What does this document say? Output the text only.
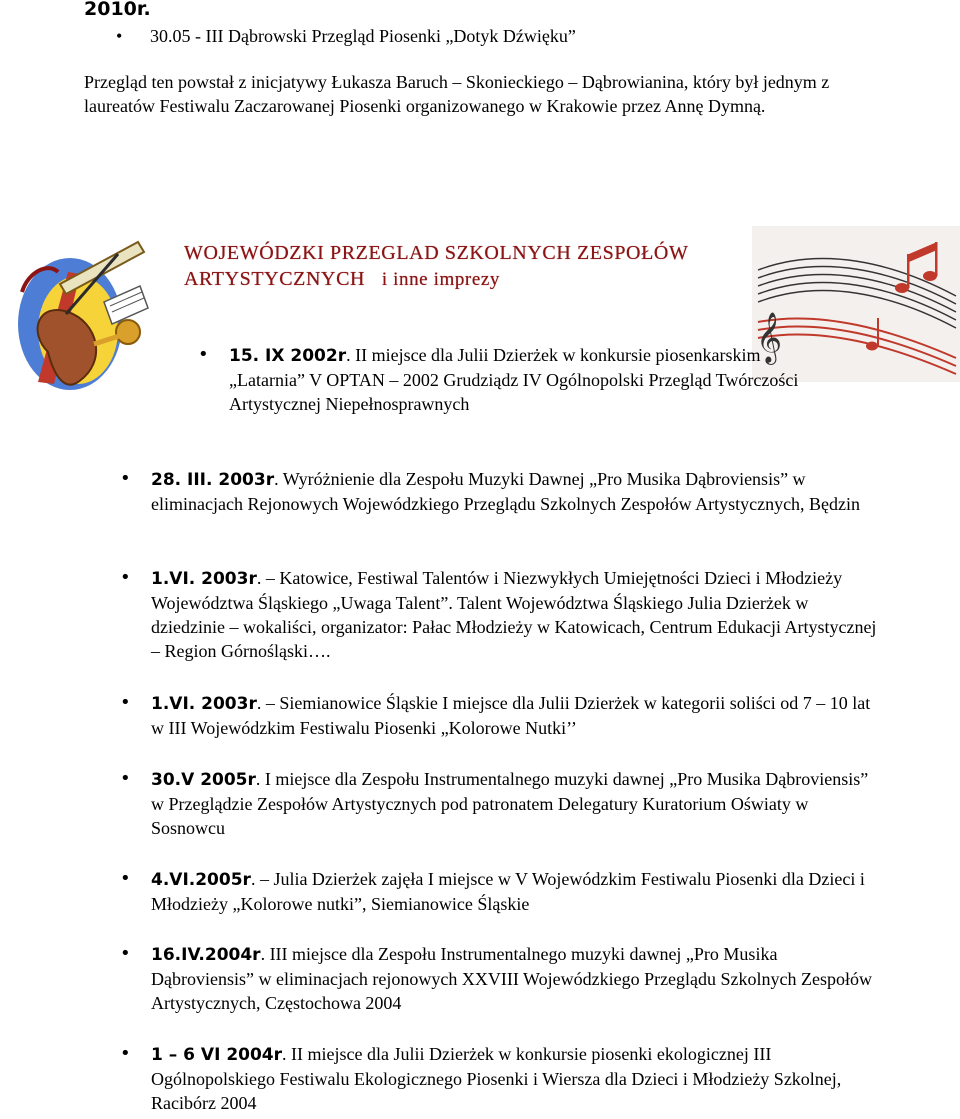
2010r.
• 30.05 - III Dąbrowski Przegląd Piosenki „Dotyk Dźwięku”
Przegląd ten powstał z inicjatywy Łukasza Baruch – Skonieckiego – Dąbrowianina, który był jednym z laureatów Festiwalu Zaczarowanej Piosenki organizowanego w Krakowie przez Annę Dymną.
𝄞
WOJEWÓDZKI PRZEGLAD SZKOLNYCH ZESPOŁÓW
ARTYSTYCZNYCH i inne imprezy
• 15. IX 2002r. II miejsce dla Julii Dzierżek w konkursie piosenkarskim „Latarnia” V OPTAN – 2002 Grudziądz IV Ogólnopolski Przegląd Twórczości Artystycznej Niepełnosprawnych
• 28. III. 2003r. Wyróżnienie dla Zespołu Muzyki Dawnej „Pro Musika Dąbroviensis” w eliminacjach Rejonowych Wojewódzkiego Przeglądu Szkolnych Zespołów Artystycznych, Będzin
• 1.VI. 2003r. – Katowice, Festiwal Talentów i Niezwykłych Umiejętności Dzieci i Młodzieży Województwa Śląskiego „Uwaga Talent”. Talent Województwa Śląskiego Julia Dzierżek w dziedzinie – wokaliści, organizator: Pałac Młodzieży w Katowicach, Centrum Edukacji Artystycznej – Region Górnośląski….
• 1.VI. 2003r. – Siemianowice Śląskie I miejsce dla Julii Dzierżek w kategorii soliści od 7 – 10 lat w III Wojewódzkim Festiwalu Piosenki „Kolorowe Nutki’’
• 30.V 2005r. I miejsce dla Zespołu Instrumentalnego muzyki dawnej „Pro Musika Dąbroviensis” w Przeglądzie Zespołów Artystycznych pod patronatem Delegatury Kuratorium Oświaty w Sosnowcu
• 4.VI.2005r. – Julia Dzierżek zajęła I miejsce w V Wojewódzkim Festiwalu Piosenki dla Dzieci i Młodzieży „Kolorowe nutki”, Siemianowice Śląskie
• 16.IV.2004r. III miejsce dla Zespołu Instrumentalnego muzyki dawnej „Pro Musika Dąbroviensis” w eliminacjach rejonowych XXVIII Wojewódzkiego Przeglądu Szkolnych Zespołów Artystycznych, Częstochowa 2004
• 1 – 6 VI 2004r. II miejsce dla Julii Dzierżek w konkursie piosenki ekologicznej III Ogólnopolskiego Festiwalu Ekologicznego Piosenki i Wiersza dla Dzieci i Młodzieży Szkolnej, Racibórz 2004
